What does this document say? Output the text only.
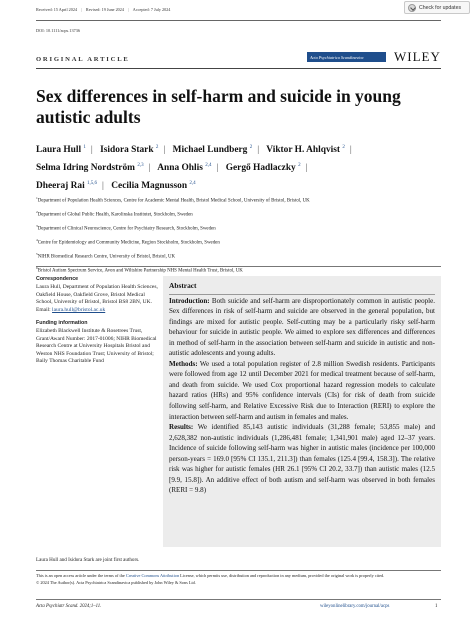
Received: 15 April 2024 | Revised: 19 June 2024 | Accepted: 7 July 2024	Check for updates
DOI: 10.1111/acps.13736
ORIGINAL ARTICLE	Acta Psychiatrica Scandinavica	WILEY
Sex differences in self-harm and suicide in young autistic adults
Laura Hull $^1$ | Isidora Stark $^2$ | Michael Lundberg $^2$ | Viktor H. Ahlqvist $^2$ |
Selma Idring Nordström $^{2,3}$ | Anna Ohlis $^{2,4}$ | Gergő Hadlaczky $^2$ |
Dheeraj Rai $^{1,5,6}$ | Cecilia Magnusson $^{2,4}$
$^1$Department of Population Health Sciences, Centre for Academic Mental Health, Bristol Medical School, University of Bristol, Bristol, UK
$^2$Department of Global Public Health, Karolinska Institutet, Stockholm, Sweden
$^3$Department of Clinical Neuroscience, Centre for Psychiatry Research, Stockholm, Sweden
$^4$Centre for Epidemiology and Community Medicine, Region Stockholm, Stockholm, Sweden
$^5$NIHR Biomedical Research Centre, University of Bristol, Bristol, UK
$^6$Bristol Autism Spectrum Service, Avon and Wiltshire Partnership NHS Mental Health Trust, Bristol, UK
Correspondence
Laura Hull, Department of Population Health Sciences, Oakfield House, Oakfield Grove, Bristol Medical School, University of Bristol, Bristol BS8 2BN, UK.
Email: laura.hull@bristol.ac.uk
Funding information
Elizabeth Blackwell Institute & Rosetrees Trust, Grant/Award Number: 2017-01006; NIHR Biomedical Research Centre at University Hospitals Bristol and Weston NHS Foundation Trust; University of Bristol; Baily Thomas Charitable Fund
Abstract

Introduction: Both suicide and self-harm are disproportionately common in autistic people. Sex differences in risk of self-harm and suicide are observed in the general population, but findings are mixed for autistic people. Self-cutting may be a particularly risky self-harm behaviour for suicide in autistic people. We aimed to explore sex differences and differences in method of self-harm in the association between self-harm and suicide in autistic and non-autistic adolescents and young adults.

Methods: We used a total population register of 2.8 million Swedish residents. Participants were followed from age 12 until December 2021 for medical treatment because of self-harm, and death from suicide. We used Cox proportional hazard regression models to calculate hazard ratios (HRs) and 95% confidence intervals (CIs) for risk of death from suicide following self-harm, and Relative Excessive Risk due to Interaction (RERI) to explore the interaction between self-harm and autism in females and males.

Results: We identified 85,143 autistic individuals (31,288 female; 53,855 male) and 2,628,382 non-autistic individuals (1,286,481 female; 1,341,901 male) aged 12–37 years. Incidence of suicide following self-harm was higher in autistic males (incidence per 100,000 person-years = 169.0 [95% CI 135.1, 211.3]) than females (125.4 [99.4, 158.3]). The relative risk was higher for autistic females (HR 26.1 [95% CI 20.2, 33.7]) than autistic males (12.5 [9.9, 15.8]). An additive effect of both autism and self-harm was observed in both females (RERI = 9.8)

Laura Hull and Isidora Stark are joint first authors.
This is an open access article under the terms of the Creative Commons Attribution License, which permits use, distribution and reproduction in any medium, provided the original work is properly cited.
© 2024 The Author(s). Acta Psychiatrica Scandinavica published by John Wiley & Sons Ltd.
Acta Psychiatr Scand. 2024;1–11.	wileyonlinelibrary.com/journal/acps	1
